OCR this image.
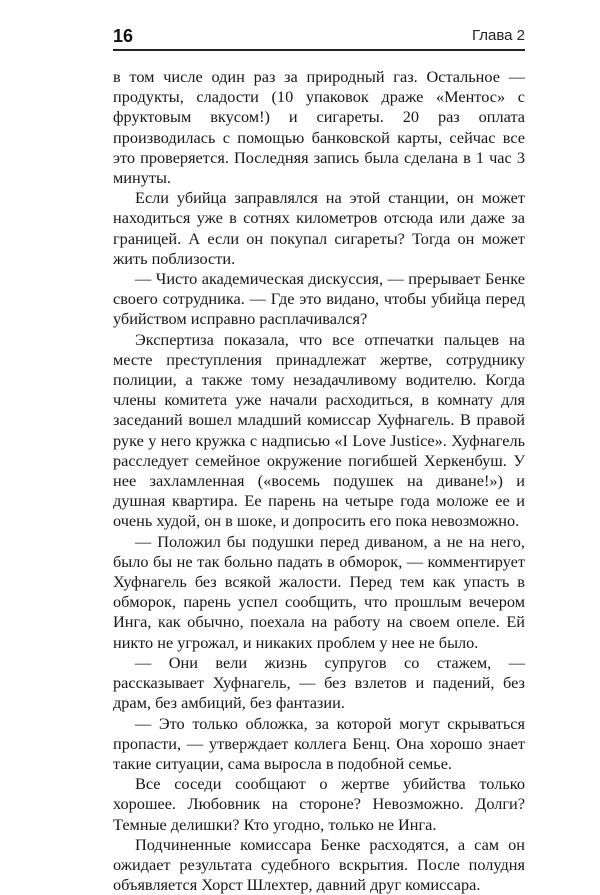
16	Глава 2

в том числе один раз за природный газ. Остальное — продукты, сладости (10 упаковок драже «Ментос» с фруктовым вкусом!) и сигареты. 20 раз оплата производилась с помощью банковской карты, сейчас все это проверяется. Последняя запись была сделана в 1 час 3 минуты.

Если убийца заправлялся на этой станции, он может находиться уже в сотнях километров отсюда или даже за границей. А если он покупал сигареты? Тогда он может жить поблизости.

— Чисто академическая дискуссия, — прерывает Бенке своего сотрудника. — Где это видано, чтобы убийца перед убийством исправно расплачивался?

Экспертиза показала, что все отпечатки пальцев на месте преступления принадлежат жертве, сотруднику полиции, а также тому незадачливому водителю. Когда члены комитета уже начали расходиться, в комнату для заседаний вошел младший комиссар Хуфнагель. В правой руке у него кружка с надписью «I Love Justice». Хуфнагель расследует семейное окружение погибшей Херкенбуш. У нее захламленная («восемь подушек на диване!») и душная квартира. Ее парень на четыре года моложе ее и очень худой, он в шоке, и допросить его пока невозможно.

— Положил бы подушки перед диваном, а не на него, было бы не так больно падать в обморок, — комментирует Хуфнагель без всякой жалости. Перед тем как упасть в обморок, парень успел сообщить, что прошлым вечером Инга, как обычно, поехала на работу на своем опеле. Ей никто не угрожал, и никаких проблем у нее не было.

— Они вели жизнь супругов со стажем, — рассказывает Хуфнагель, — без взлетов и падений, без драм, без амбиций, без фантазии.

— Это только обложка, за которой могут скрываться пропасти, — утверждает коллега Бенц. Она хорошо знает такие ситуации, сама выросла в подобной семье.

Все соседи сообщают о жертве убийства только хорошее. Любовник на стороне? Невозможно. Долги? Темные делишки? Кто угодно, только не Инга.

Подчиненные комиссара Бенке расходятся, а сам он ожидает результата судебного вскрытия. После полудня объявляется Хорст Шлехтер, давний друг комиссара.
